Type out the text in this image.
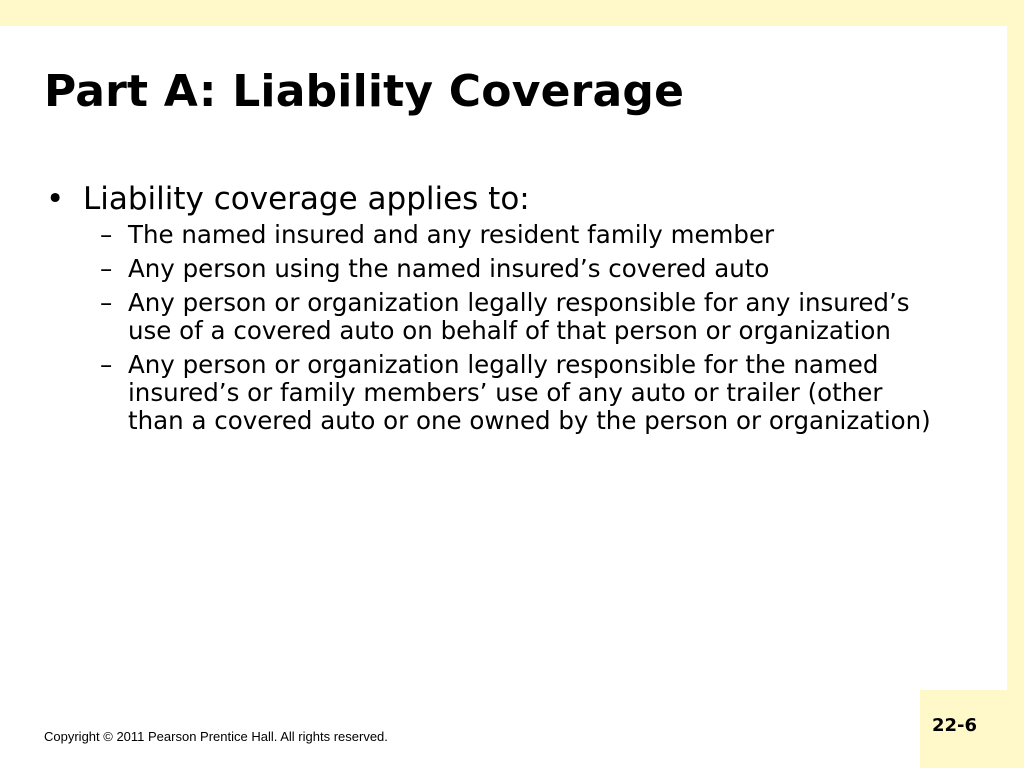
Part A: Liability Coverage
• Liability coverage applies to:
– The named insured and any resident family member
– Any person using the named insured’s covered auto
– Any person or organization legally responsible for any insured’s use of a covered auto on behalf of that person or organization
– Any person or organization legally responsible for the named insured’s or family members’ use of any auto or trailer (other than a covered auto or one owned by the person or organization)
Copyright © 2011 Pearson Prentice Hall. All rights reserved.
22-6
